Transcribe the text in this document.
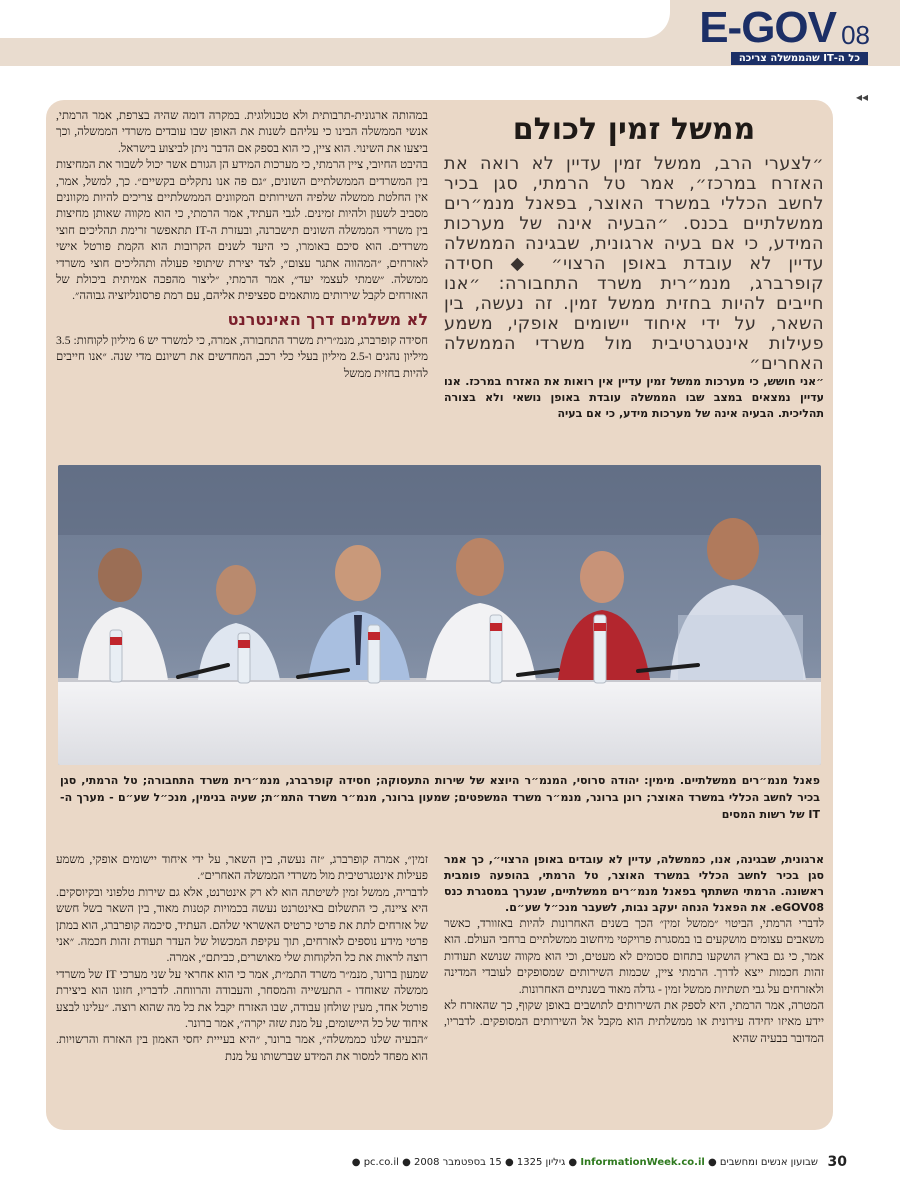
E-GOV 08
כל ה-IT שהממשלה צריכה
◂◂
ממשל זמין לכולם

״לצערי הרב, ממשל זמין עדיין לא רואה את האזרח במרכז״, אמר טל הרמתי, סגן בכיר לחשב הכללי במשרד האוצר, בפאנל מנמ״רים ממשלתיים בכנס. ״הבעיה אינה של מערכות המידע, כי אם בעיה ארגונית, שבגינה הממשלה עדיין לא עובדת באופן הרצוי״ ◆ חסידה קופרברג, מנמ״רית משרד התחבורה: ״אנו חייבים להיות בחזית ממשל זמין. זה נעשה, בין השאר, על ידי איחוד יישומים אופקי, משמע פעילות אינטגרטיבית מול משרדי הממשלה האחרים״

״אני חושש, כי מערכות ממשל זמין עדיין אין רואות את האזרח במרכז. אנו עדיין נמצאים במצב שבו הממשלה עובדת באופן נושאי ולא בצורה תהליכית. הבעיה אינה של מערכות מידע, כי אם בעיה

במהותה ארגונית-תרבותית ולא טכנולוגית. במקרה דומה שהיה בצרפת, אמר הרמתי, אנשי הממשלה הבינו כי עליהם לשנות את האופן שבו עובדים משרדי הממשלה, וכך ביצעו את השינוי. הוא ציין, כי הוא בספק אם הדבר ניתן לביצוע בישראל.

בהיבט החיובי, ציין הרמתי, כי מערכות המידע הן הגורם אשר יכול לשבור את המחיצות בין המשרדים הממשלתיים השונים, ״גם פה אנו נתקלים בקשיים״. כך, למשל, אמר, אין החלטת ממשלה שלפיה השירותים המקוונים הממשלתיים צריכים להיות מקוונים מסביב לשעון ולהיות זמינים. לגבי העתיד, אמר הרמתי, כי הוא מקווה שאותן מחיצות בין משרדי הממשלה השונים תישברנה, ובעזרת ה-IT תתאפשר זרימת תהליכים חוצי משרדים. הוא סיכם באומרו, כי היעד לשנים הקרובות הוא הקמת פורטל אישי לאזרחים, ״המהווה אתגר עצום״, לצד יצירת שיתופי פעולה ותהליכים חוצי משרדי ממשלה. ״שמתי לעצמי יעד״, אמר הרמתי, ״ליצור מהפכה אמיתית ביכולת של האזרחים לקבל שירותים מותאמים ספציפית אליהם, עם רמת פרסונליזציה גבוהה״.

לא משלמים דרך האינטרנט

חסידה קופרברג, מנמ״רית משרד התחבורה, אמרה, כי למשרד יש 6 מיליון לקוחות: 3.5 מיליון נהגים ו-2.5 מיליון בעלי כלי רכב, המחדשים את רשיונם מדי שנה. ״אנו חייבים להיות בחזית ממשל

פאנל מנמ״רים ממשלתיים. מימין: יהודה סרוסי, המנמ״ר היוצא של שירות התעסוקה; חסידה קופרברג, מנמ״רית משרד התחבורה; טל הרמתי, סגן בכיר לחשב הכללי במשרד האוצר; רונן ברונר, מנמ״ר משרד המשפטים; שמעון ברונר, מנמ״ר משרד התמ״ת; שעיה בנימין, מנכ״ל שע״ם - מערך ה-IT של רשות המסים

ארגונית, שבגינה, אנו, כממשלה, עדיין לא עובדים באופן הרצוי״, כך אמר סגן בכיר לחשב הכללי במשרד האוצר, טל הרמתי, בהופעה פומבית ראשונה. הרמתי השתתף בפאנל מנמ״רים ממשלתיים, שנערך במסגרת כנס eGOV08. את הפאנל הנחה יעקב נבות, לשעבר מנכ״ל שע״ם.

לדברי הרמתי, הביטוי ״ממשל זמין״ הכך בשנים האחרונות להיות באזוורד, כאשר משאבים עצומים מושקעים בו במסגרת פרויקטי מיחשוב ממשלתיים ברחבי העולם. הוא אמר, כי גם בארץ הושקעו בתחום סכומים לא מעטים, וכי הוא מקווה שנושא תעודות זהות חכמות ייצא לדרך. הרמתי ציין, שכמות השירותים שמסופקים לעובדי המדינה ולאזרחים על גבי תשתיות ממשל זמין - גדלה מאוד בשנתיים האחרונות.

המטרה, אמר הרמתי, היא לספק את השירותים לתושבים באופן שקוף, כך שהאזרח לא יידע מאיזו יחידה עירונית או ממשלתית הוא מקבל אל השירותים המסופקים. לדבריו, המדובר בבעיה שהיא

זמין״, אמרה קופרברג, ״זה נעשה, בין השאר, על ידי איחוד יישומים אופקי, משמע פעילות אינטגרטיבית מול משרדי הממשלה האחרים״.

לדבריה, ממשל זמין לשיטתה הוא לא רק אינטרנט, אלא גם שירות טלפוני ובקיוסקים. היא ציינה, כי התשלום באינטרנט נעשה בכמויות קטנות מאוד, בין השאר בשל חשש של אזרחים לתת את פרטי כרטיס האשראי שלהם. העתיד, סיכמה קופרברג, הוא במתן פרטי מידע נוספים לאזרחים, תוך עקיפת המכשול של העדר תעודת זהות חכמה. ״אני רוצה לראות את כל הלקוחות שלי מאושרים, כביתם״, אמרה.

שמעון ברונר, מנמ״ר משרד התמ״ת, אמר כי הוא אחראי על שני מערכי IT של משרדי ממשלה שאוחדו - התעשייה והמסחר, והעבודה והרווחה. לדבריו, חזונו הוא ביצירת פורטל אחד, מעין שולחן עבודה, שבו האזרח יקבל את כל מה שהוא רוצה. ״עלינו לבצע איחוד של כל היישומים, על מנת שזה יקרה״, אמר ברונר.

״הבעיה שלנו כממשלה״, אמר ברונר, ״היא בעייית יחסי האמון בין האזרח והרשויות. הוא מפחד למסור את המידע שברשותו על מנת

30
שבועון אנשים ומחשבים ● InformationWeek.co.il ● גיליון 1325 ● 15 בספטמבר 2008 ● pc.co.il ●
